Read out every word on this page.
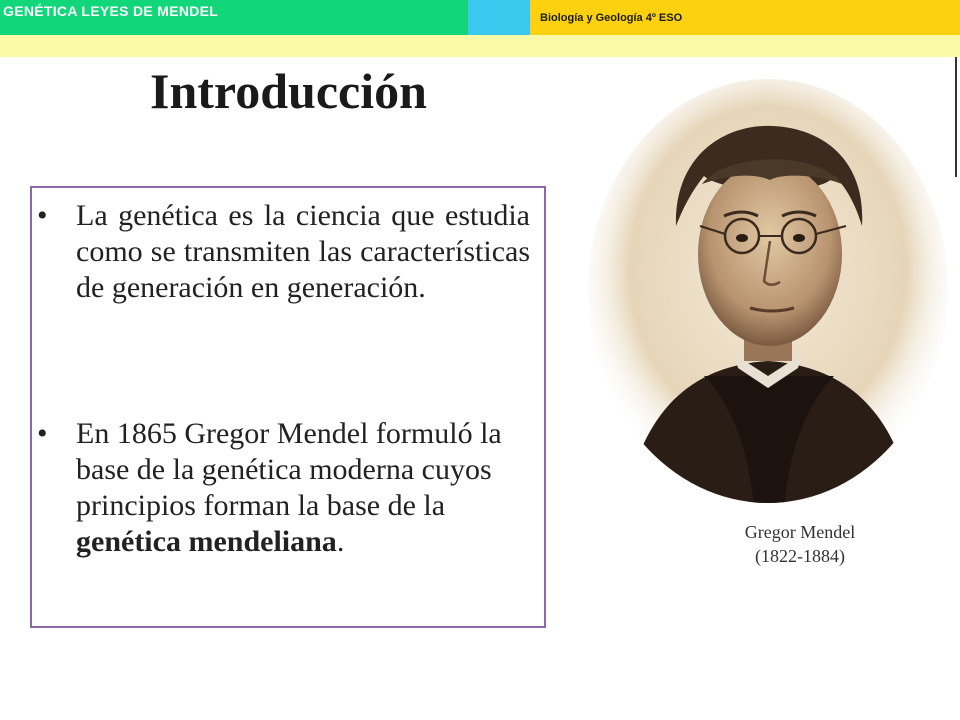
GENÉTICA LEYES DE MENDEL	Biología y Geología 4º ESO
Introducción
• La genética es la ciencia que estudia como se transmiten las características de generación en generación.
• En 1865 Gregor Mendel formuló la base de la genética moderna cuyos principios forman la base de la genética mendeliana.	Gregor Mendel
(1822-1884)
